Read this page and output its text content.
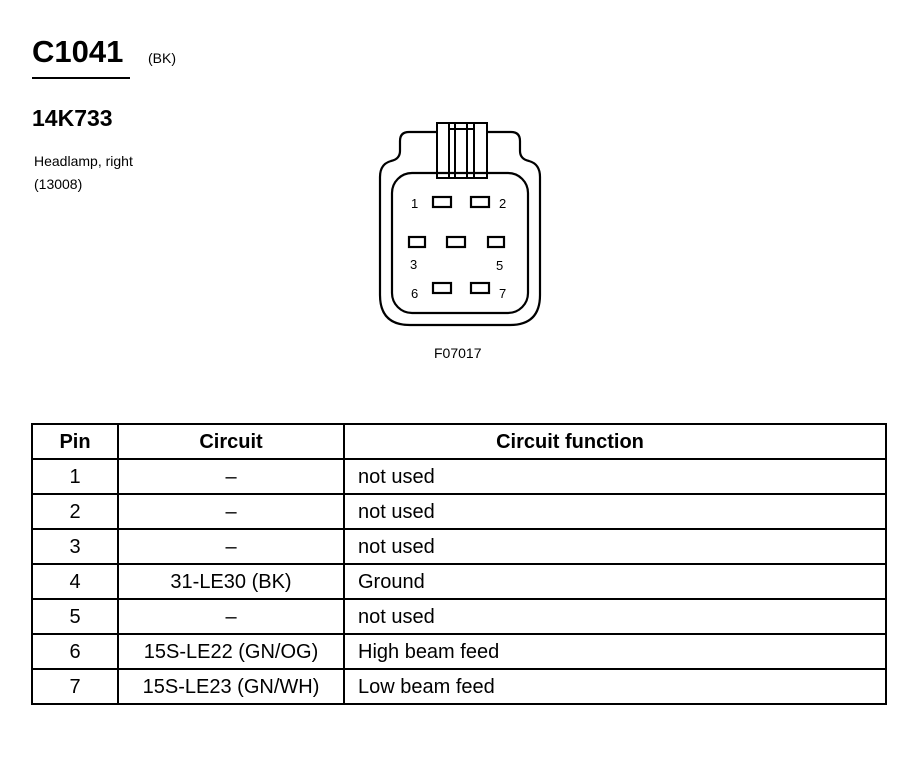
C1041 (BK)
14K733
Headlamp, right
(13008)
1	2
3	5
6	7
F07017
Pin	Circuit	Circuit function
1	–	not used
2	–	not used
3	–	not used
4	31-LE30 (BK)	Ground
5	–	not used
6	15S-LE22 (GN/OG)	High beam feed
7	15S-LE23 (GN/WH)	Low beam feed
